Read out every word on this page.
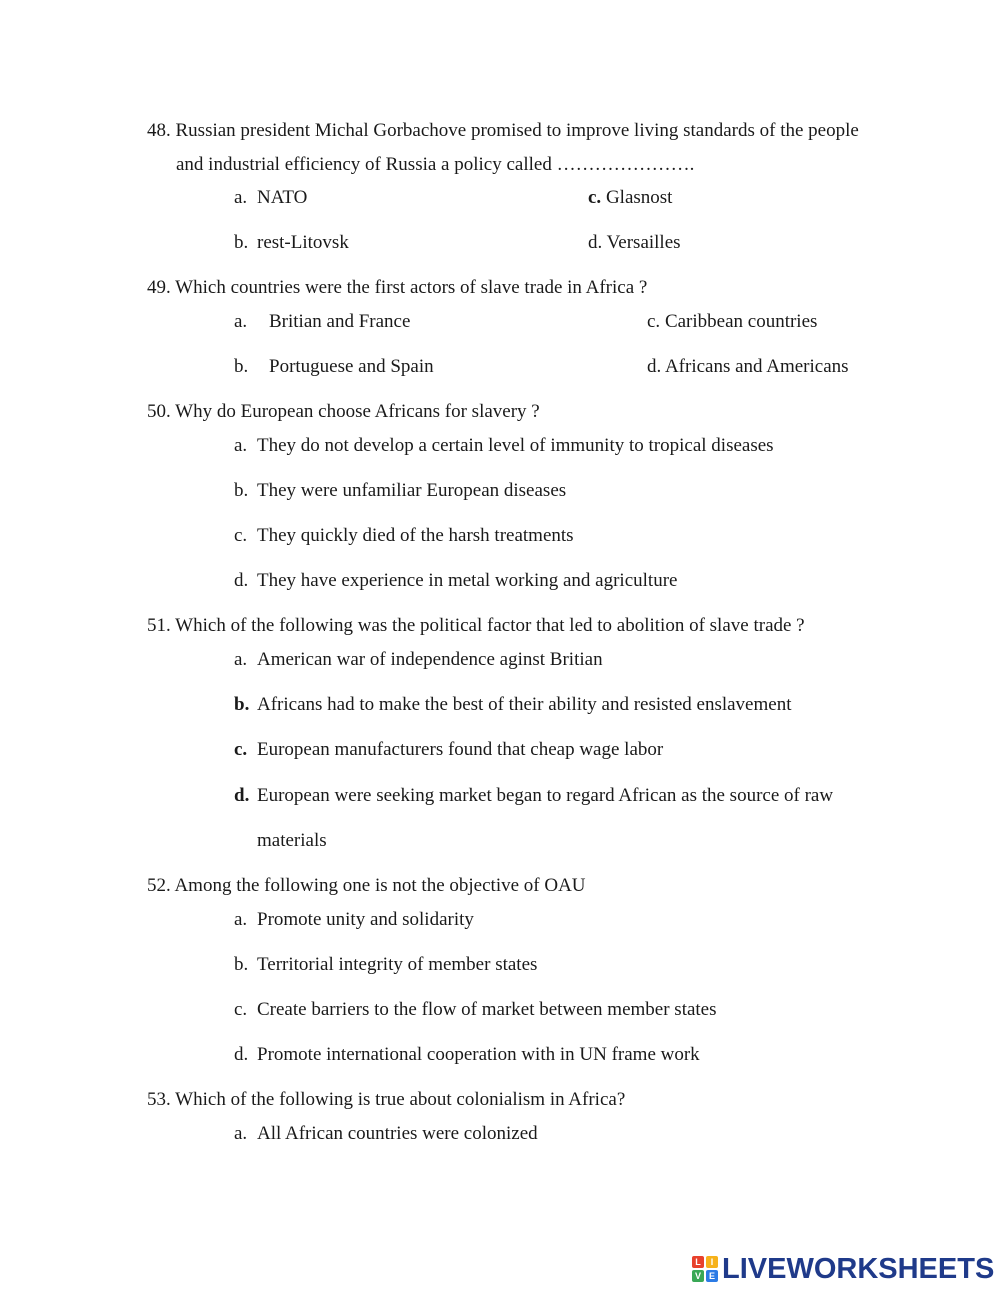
48. Russian president Michal Gorbachove promised to improve living standards of the people
and industrial efficiency of Russia a policy called ………………….
a. NATO	c. Glasnost
b. rest-Litovsk	d. Versailles
49. Which countries were the first actors of slave trade in Africa ?
a. Britian and France	c. Caribbean countries
b. Portuguese and Spain	d. Africans and Americans
50. Why do European choose Africans for slavery ?
a. They do not develop a certain level of immunity to tropical diseases
b. They were unfamiliar European diseases
c. They quickly died of the harsh treatments
d. They have experience in metal working and agriculture
51. Which of the following was the political factor that led to abolition of slave trade ?
a. American war of independence aginst Britian
b. Africans had to make the best of their ability and resisted enslavement
c. European manufacturers found that cheap wage labor
d. European were seeking market began to regard African as the source of raw
materials
52. Among the following one is not the objective of OAU
a. Promote unity and solidarity
b. Territorial integrity of member states
c. Create barriers to the flow of market between member states
d. Promote international cooperation with in UN frame work
53. Which of the following is true about colonialism in Africa?
a. All African countries were colonized
L	I
V E LIVEWORKSHEETS
